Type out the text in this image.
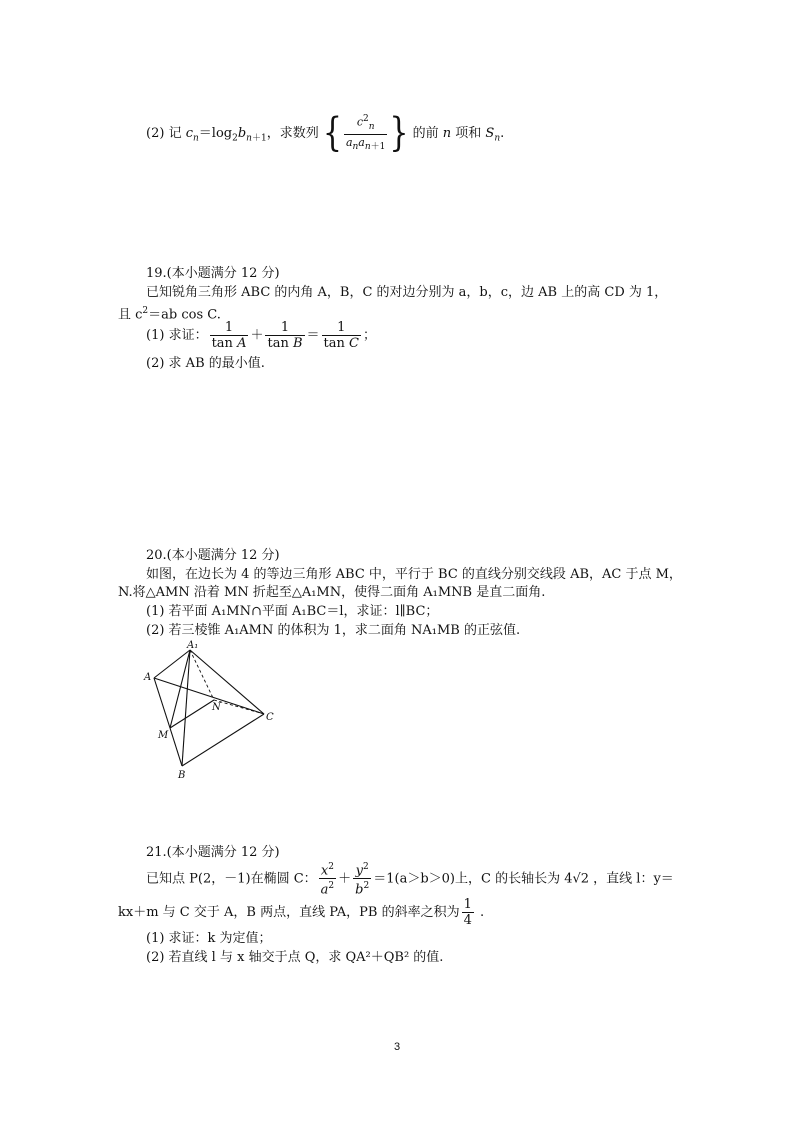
(2) 记 $c_n=\log_2b_{n+1}$，求数列 { $\frac{c^2_n}{a_na_{n+1}}$ } 的前 n 项和 $S_n$.
19.(本小题满分 12 分)
已知锐角三角形 ABC 的内角 A，B，C 的对边分别为 a，b，c，边 AB 上的高 CD 为 1，
且 $c^2=ab$ cos C.
(1) 求证： $\frac{1}{\text{tan A}} + \frac{1}{\text{tan B}} = \frac{1}{\text{tan C}}$ ；
(2) 求 AB 的最小值.
20.(本小题满分 12 分)
如图，在边长为 4 的等边三角形 ABC 中，平行于 BC 的直线分别交线段 AB，AC 于点 M，
N.将△AMN 沿着 MN 折起至△A₁MN，使得二面角 A₁MNB 是直二面角.
(1) 若平面 A₁MN∩平面 A₁BC＝l，求证：l∥BC；
(2) 若三棱锥 A₁AMN 的体积为 1，求二面角 NA₁MB 的正弦值.
A₁
A
N
C
M
B
21.(本小题满分 12 分)
已知点 P(2，－1)在椭圆 C： $\frac{x^2}{a^2} + \frac{y^2}{b^2} =1(a>b>0)$上，C 的长轴长为 4√2 ，直线 l：y＝
kx＋m 与 C 交于 A，B 两点，直线 PA，PB 的斜率之积为 $\frac{1}{4}$ .
(1) 求证：k 为定值；
(2) 若直线 l 与 x 轴交于点 Q，求 QA²＋QB² 的值.
3
